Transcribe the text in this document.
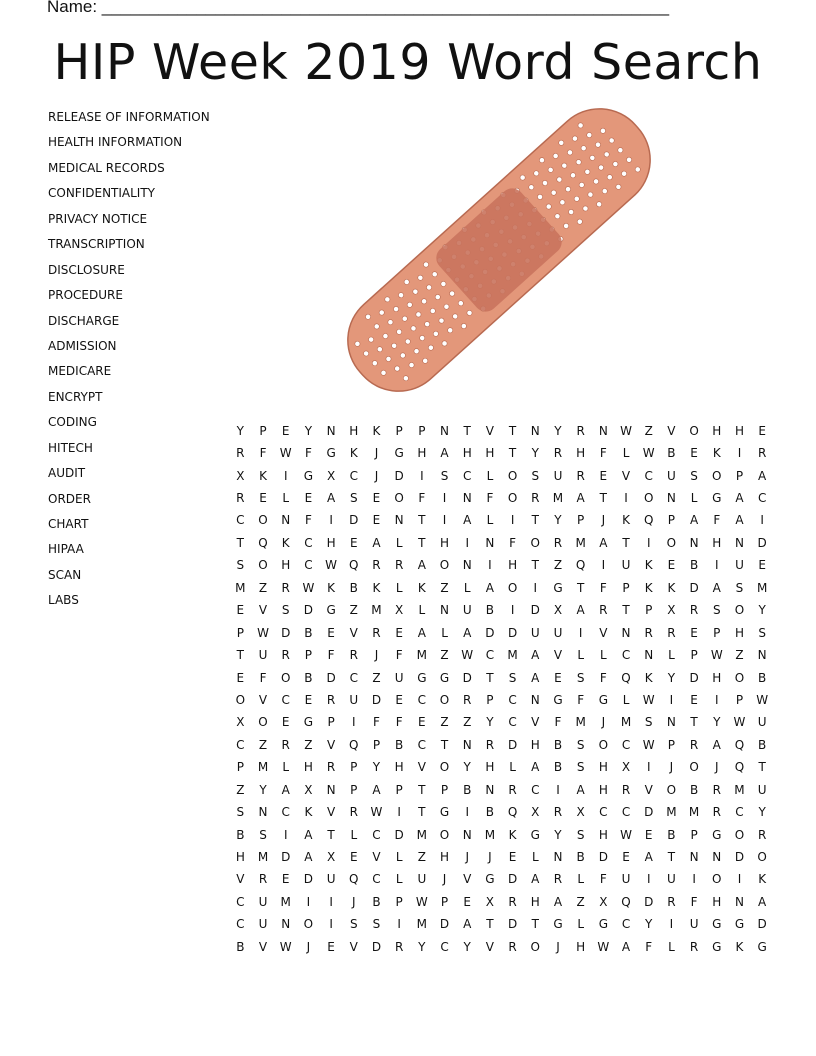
Name: ____________________________________________________________
HIP Week 2019 Word Search
RELEASE OF INFORMATION
HEALTH INFORMATION
MEDICAL RECORDS
CONFIDENTIALITY
PRIVACY NOTICE
TRANSCRIPTION
DISCLOSURE
PROCEDURE
DISCHARGE
ADMISSION
MEDICARE
ENCRYPT
CODING
HITECH
AUDIT
ORDER
CHART
HIPAA
SCAN
LABS
Y	P	E	Y	N	H	K	P	P	N	T	V	T	N	Y	R	N	W	Z	V	O	H	H	E
R	F	W	F	G	K	J	G	H	A	H	H	T	Y	R	H	F	L	W	B	E	K	I	R
X	K	I	G	X	C	J	D	I	S	C	L	O	S	U	R	E	V	C	U	S	O	P	A
R	E	L	E	A	S	E	O	F	I	N	F	O	R	M	A	T	I	O	N	L	G	A	C
C	O	N	F	I	D	E	N	T	I	A	L	I	T	Y	P	J	K	Q	P	A	F	A	I
T	Q	K	C	H	E	A	L	T	H	I	N	F	O	R	M	A	T	I	O	N	H	N	D
S	O	H	C	W	Q	R	R	A	O	N	I	H	T	Z	Q	I	U	K	E	B	I	U	E
M	Z	R	W	K	B	K	L	K	Z	L	A	O	I	G	T	F	P	K	K	D	A	S	M
E	V	S	D	G	Z	M	X	L	N	U	B	I	D	X	A	R	T	P	X	R	S	O	Y
P	W	D	B	E	V	R	E	A	L	A	D	D	U	U	I	V	N	R	R	E	P	H	S
T	U	R	P	F	R	J	F	M	Z	W	C	M	A	V	L	L	C	N	L	P	W	Z	N
E	F	O	B	D	C	Z	U	G	G	D	T	S	A	E	S	F	Q	K	Y	D	H	O	B
O	V	C	E	R	U	D	E	C	O	R	P	C	N	G	F	G	L	W	I	E	I	P	W
X	O	E	G	P	I	F	F	E	Z	Z	Y	C	V	F	M	J	M	S	N	T	Y	W	U
C	Z	R	Z	V	Q	P	B	C	T	N	R	D	H	B	S	O	C	W	P	R	A	Q	B
P	M	L	H	R	P	Y	H	V	O	Y	H	L	A	B	S	H	X	I	J	O	J	Q	T
Z	Y	A	X	N	P	A	P	T	P	B	N	R	C	I	A	H	R	V	O	B	R	M	U
S	N	C	K	V	R	W	I	T	G	I	B	Q	X	R	X	C	C	D	M	M	R	C	Y
B	S	I	A	T	L	C	D	M	O	N	M	K	G	Y	S	H	W	E	B	P	G	O	R
H	M	D	A	X	E	V	L	Z	H	J	J	E	L	N	B	D	E	A	T	N	N	D	O
V	R	E	D	U	Q	C	L	U	J	V	G	D	A	R	L	F	U	I	U	I	O	I	K
C	U	M	I	I	J	B	P	W	P	E	X	R	H	A	Z	X	Q	D	R	F	H	N	A
C	U	N	O	I	S	S	I	M	D	A	T	D	T	G	L	G	C	Y	I	U	G	G	D
B	V	W	J	E	V	D	R	Y	C	Y	V	R	O	J	H	W	A	F	L	R	G	K	G
